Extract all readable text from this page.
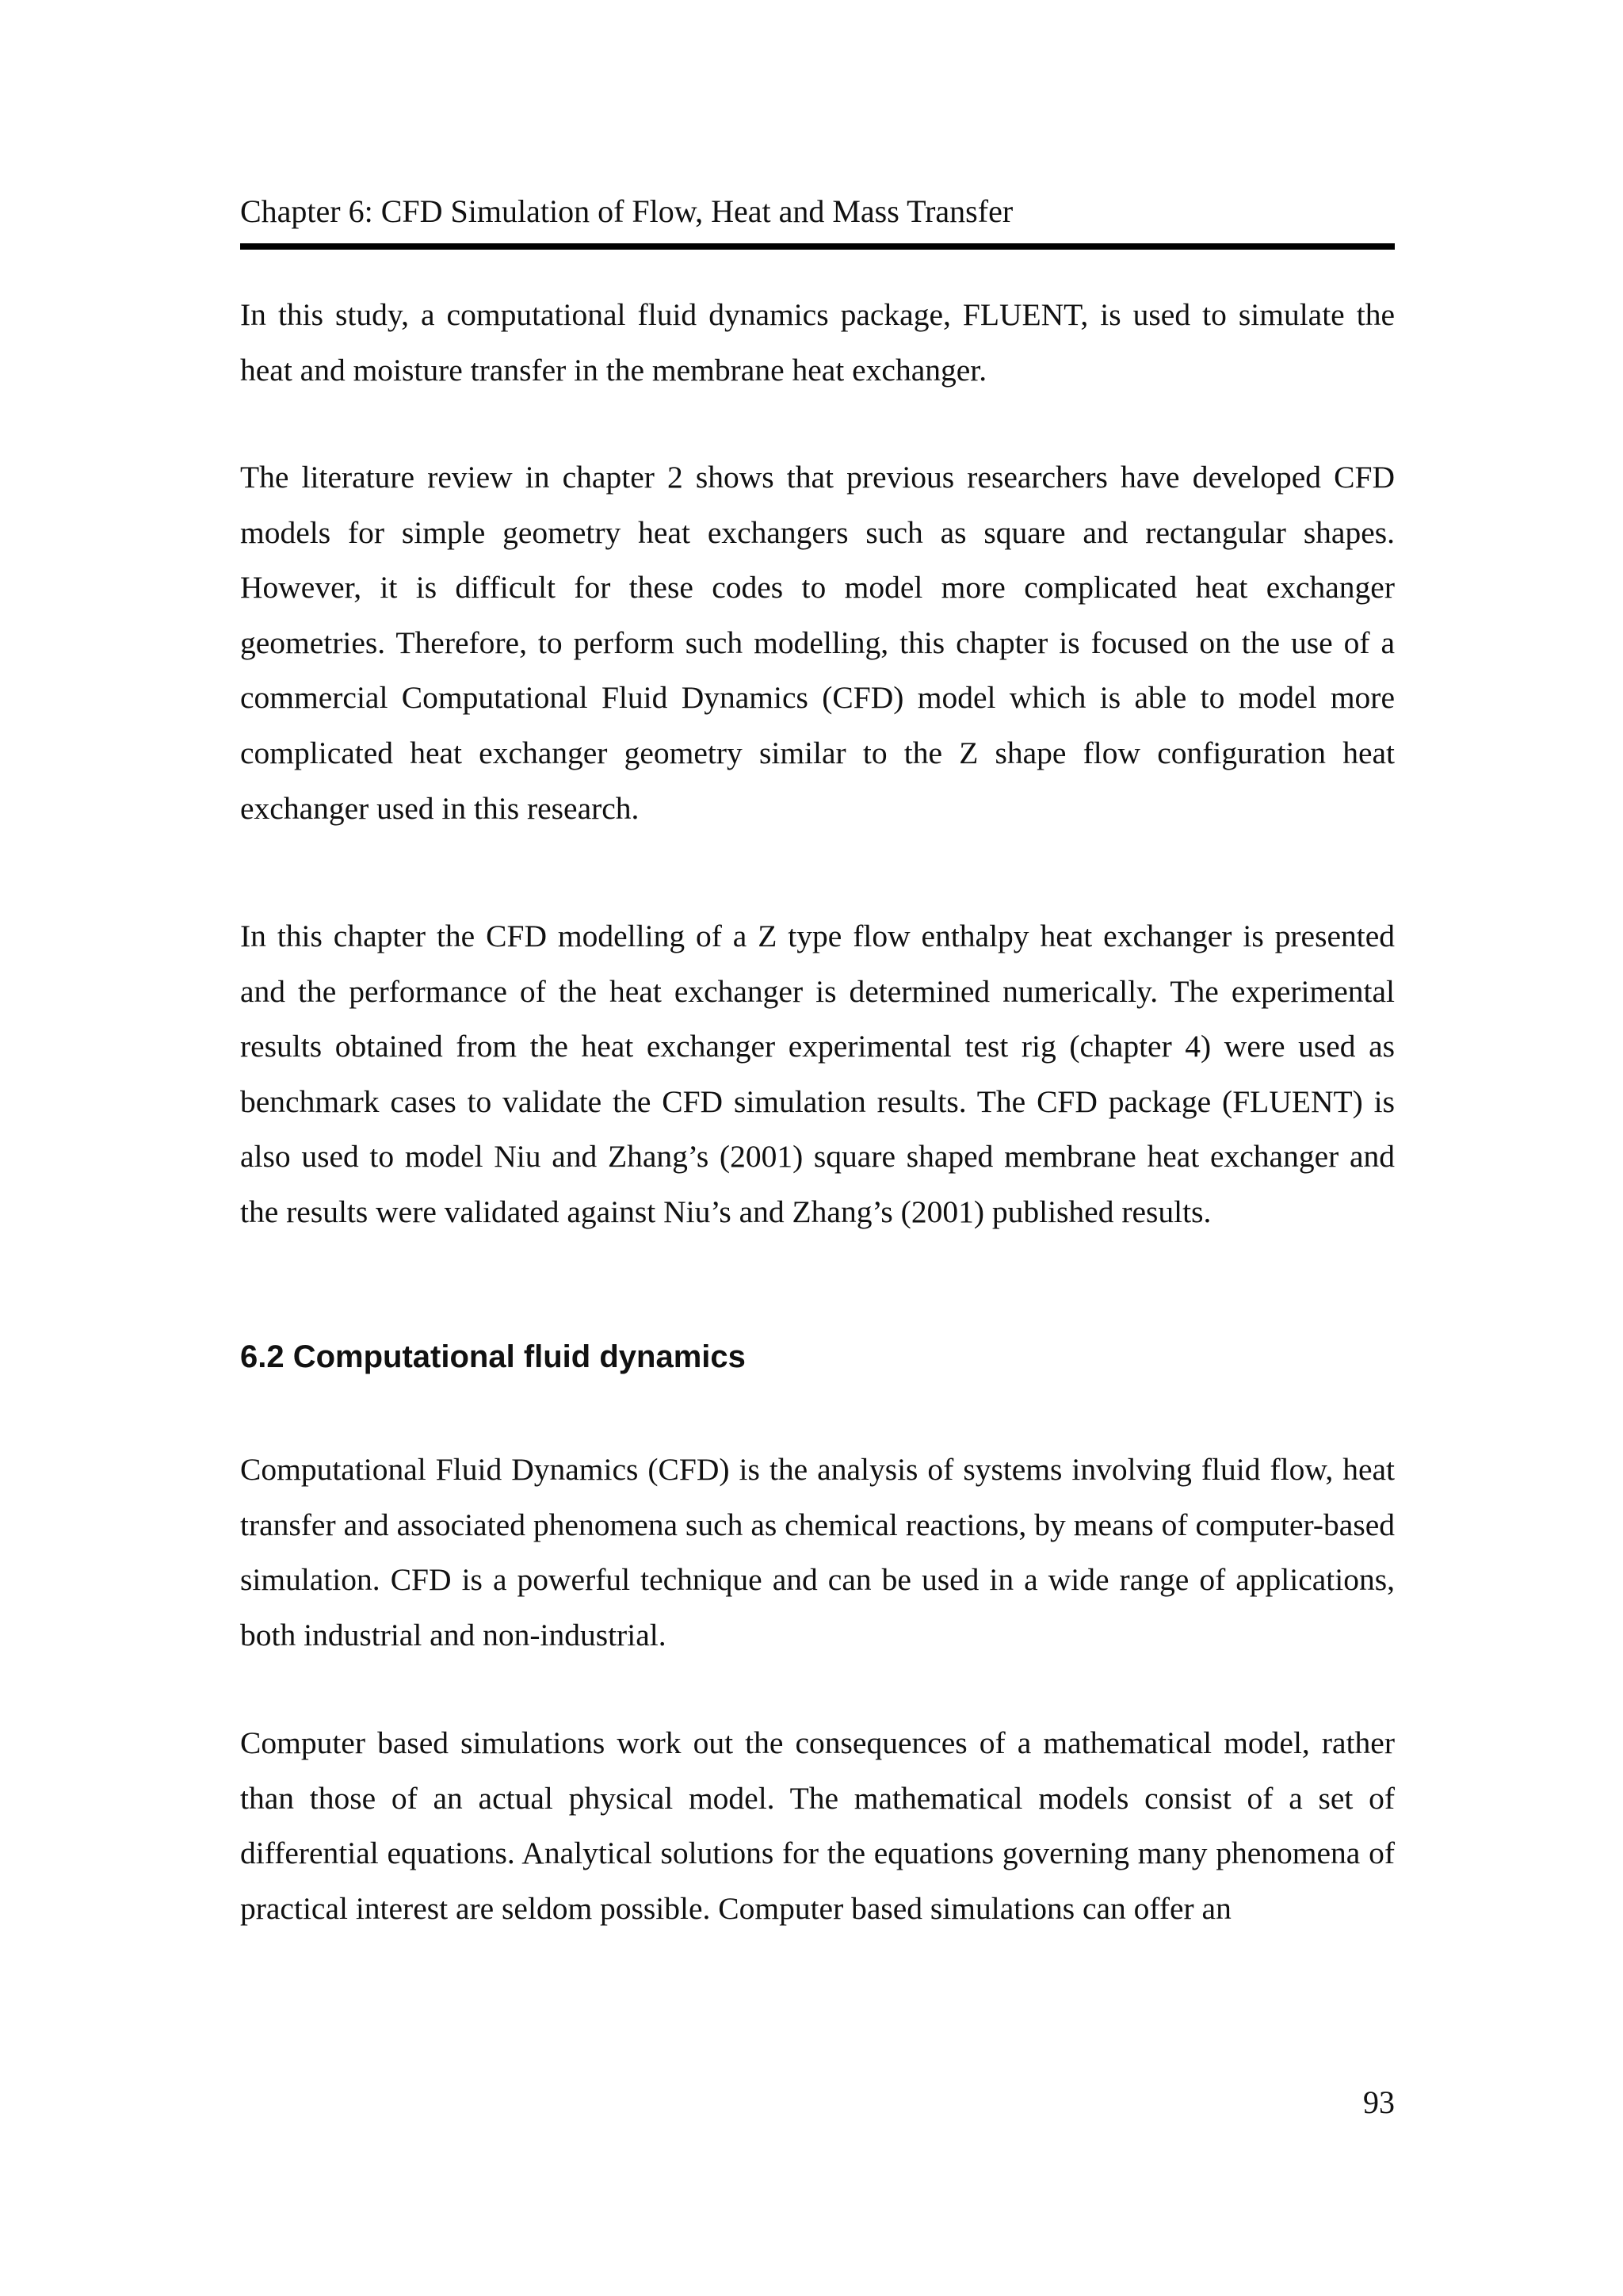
Chapter 6: CFD Simulation of Flow, Heat and Mass Transfer

In this study, a computational fluid dynamics package, FLUENT, is used to simulate the heat and moisture transfer in the membrane heat exchanger.

The literature review in chapter 2 shows that previous researchers have developed CFD models for simple geometry heat exchangers such as square and rectangular shapes. However, it is difficult for these codes to model more complicated heat exchanger geometries. Therefore, to perform such modelling, this chapter is focused on the use of a commercial Computational Fluid Dynamics (CFD) model which is able to model more complicated heat exchanger geometry similar to the Z shape flow configuration heat exchanger used in this research.

In this chapter the CFD modelling of a Z type flow enthalpy heat exchanger is presented and the performance of the heat exchanger is determined numerically. The experimental results obtained from the heat exchanger experimental test rig (chapter 4) were used as benchmark cases to validate the CFD simulation results. The CFD package (FLUENT) is also used to model Niu and Zhang’s (2001) square shaped membrane heat exchanger and the results were validated against Niu’s and Zhang’s (2001) published results.

6.2 Computational fluid dynamics

Computational Fluid Dynamics (CFD) is the analysis of systems involving fluid flow, heat transfer and associated phenomena such as chemical reactions, by means of computer-based simulation. CFD is a powerful technique and can be used in a wide range of applications, both industrial and non-industrial.

Computer based simulations work out the consequences of a mathematical model, rather than those of an actual physical model. The mathematical models consist of a set of differential equations. Analytical solutions for the equations governing many phenomena of practical interest are seldom possible. Computer based simulations can offer an

93
